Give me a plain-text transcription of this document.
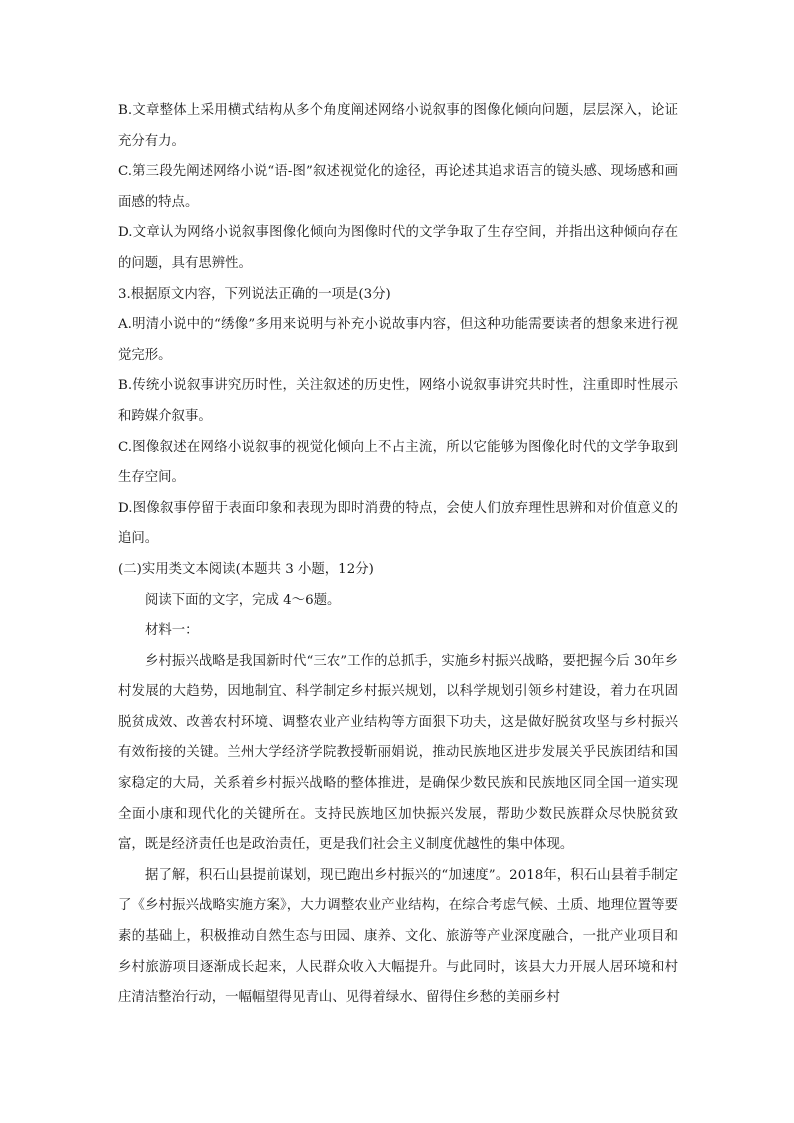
B.文章整体上采用横式结构从多个角度阐述网络小说叙事的图像化倾向问题，层层深入，论证充分有力。

C.第三段先阐述网络小说“语-图”叙述视觉化的途径，再论述其追求语言的镜头感、现场感和画面感的特点。

D.文章认为网络小说叙事图像化倾向为图像时代的文学争取了生存空间，并指出这种倾向存在的问题，具有思辨性。

3.根据原文内容，下列说法正确的一项是(3分)

A.明清小说中的“绣像”多用来说明与补充小说故事内容，但这种功能需要读者的想象来进行视觉完形。

B.传统小说叙事讲究历时性，关注叙述的历史性，网络小说叙事讲究共时性，注重即时性展示和跨媒介叙事。

C.图像叙述在网络小说叙事的视觉化倾向上不占主流，所以它能够为图像化时代的文学争取到生存空间。

D.图像叙事停留于表面印象和表现为即时消费的特点，会使人们放弃理性思辨和对价值意义的追问。

(二)实用类文本阅读(本题共 3 小题，12分)

阅读下面的文字，完成 4～6题。

材料一：

乡村振兴战略是我国新时代“三农”工作的总抓手，实施乡村振兴战略，要把握今后 30年乡村发展的大趋势，因地制宜、科学制定乡村振兴规划，以科学规划引领乡村建设，着力在巩固脱贫成效、改善农村环境、调整农业产业结构等方面狠下功夫，这是做好脱贫攻坚与乡村振兴有效衔接的关键。兰州大学经济学院教授靳丽娟说，推动民族地区进步发展关乎民族团结和国家稳定的大局，关系着乡村振兴战略的整体推进，是确保少数民族和民族地区同全国一道实现全面小康和现代化的关键所在。支持民族地区加快振兴发展，帮助少数民族群众尽快脱贫致富，既是经济责任也是政治责任，更是我们社会主义制度优越性的集中体现。

据了解，积石山县提前谋划，现已跑出乡村振兴的“加速度”。2018年，积石山县着手制定了《乡村振兴战略实施方案》，大力调整农业产业结构，在综合考虑气候、土质、地理位置等要素的基础上，积极推动自然生态与田园、康养、文化、旅游等产业深度融合，一批产业项目和乡村旅游项目逐渐成长起来，人民群众收入大幅提升。与此同时，该县大力开展人居环境和村庄清洁整治行动，一幅幅望得见青山、见得着绿水、留得住乡愁的美丽乡村
